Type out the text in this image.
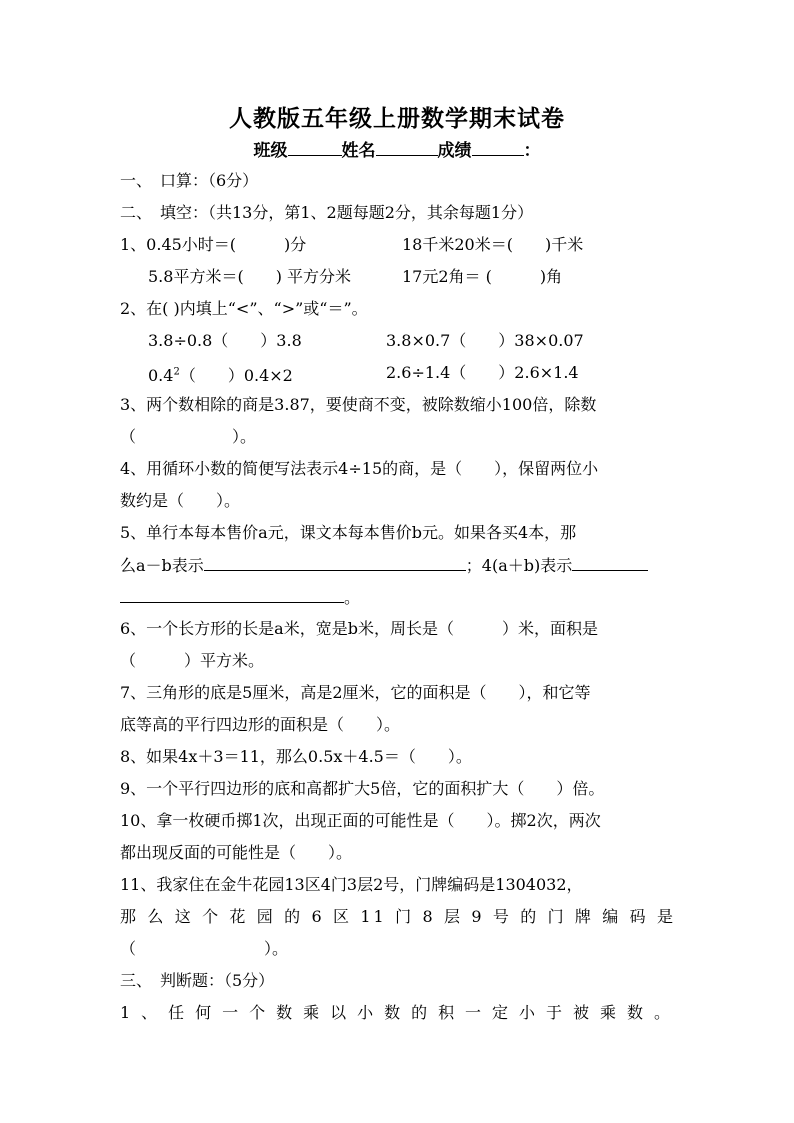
人教版五年级上册数学期末试卷
班级	姓名	成绩	：
一、　口算：（6分）
二、　填空：（共13分，第1、2题每题2分，其余每题1分）
1、0.45小时＝(　　　)分	18千米20米＝(　　)千米
5.8平方米＝(　　) 平方分米	17元2角＝ (　　　)角
2、在( )内填上“<”、“>”或“＝”。
3.8÷0.8（　　）3.8	3.8×0.7（　　）38×0.07
$0.4^2$（　　）0.4×2	2.6÷1.4（　　）2.6×1.4
3、两个数相除的商是3.87，要使商不变，被除数缩小100倍，除数
（　　　　　　）。
4、用循环小数的简便写法表示4÷15的商，是（　　），保留两位小
数约是（　　）。
5、单行本每本售价a元，课文本每本售价b元。如果各买4本，那
么a－b表示	；4(a＋b)表示
。
6、一个长方形的长是a米，宽是b米，周长是（　　　）米，面积是
（　　　）平方米。
7、三角形的底是5厘米，高是2厘米，它的面积是（　　），和它等
底等高的平行四边形的面积是（　　）。
8、如果4x＋3＝11，那么0.5x＋4.5＝（　　）。
9、一个平行四边形的底和高都扩大5倍，它的面积扩大（　　）倍。
10、拿一枚硬币掷1次，出现正面的可能性是（　　）。掷2次，两次
都出现反面的可能性是（　　）。
11、我家住在金牛花园13区4门3层2号，门牌编码是1304032，
那么这个花园的6区11门8层9号的门牌编码是
（　　　　　　　　）。
三、　判断题：（5分）
1、任何一个数乘以小数的积一定小于被乘数。
